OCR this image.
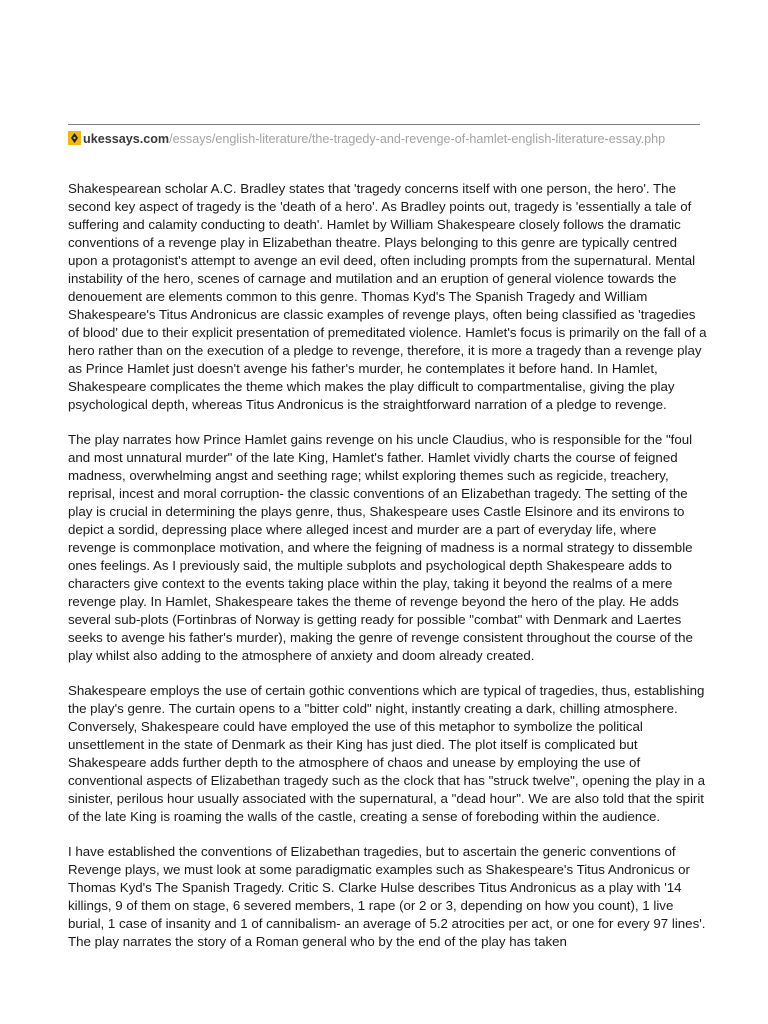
ukessays.com/essays/english-literature/the-tragedy-and-revenge-of-hamlet-english-literature-essay.php

Shakespearean scholar A.C. Bradley states that 'tragedy concerns itself with one person, the hero'. The second key aspect of tragedy is the 'death of a hero'. As Bradley points out, tragedy is 'essentially a tale of suffering and calamity conducting to death'. Hamlet by William Shakespeare closely follows the dramatic conventions of a revenge play in Elizabethan theatre. Plays belonging to this genre are typically centred upon a protagonist's attempt to avenge an evil deed, often including prompts from the supernatural. Mental instability of the hero, scenes of carnage and mutilation and an eruption of general violence towards the denouement are elements common to this genre. Thomas Kyd's The Spanish Tragedy and William Shakespeare's Titus Andronicus are classic examples of revenge plays, often being classified as 'tragedies of blood' due to their explicit presentation of premeditated violence. Hamlet's focus is primarily on the fall of a hero rather than on the execution of a pledge to revenge, therefore, it is more a tragedy than a revenge play as Prince Hamlet just doesn't avenge his father's murder, he contemplates it before hand. In Hamlet, Shakespeare complicates the theme which makes the play difficult to compartmentalise, giving the play psychological depth, whereas Titus Andronicus is the straightforward narration of a pledge to revenge.

The play narrates how Prince Hamlet gains revenge on his uncle Claudius, who is responsible for the "foul and most unnatural murder" of the late King, Hamlet's father. Hamlet vividly charts the course of feigned madness, overwhelming angst and seething rage; whilst exploring themes such as regicide, treachery, reprisal, incest and moral corruption- the classic conventions of an Elizabethan tragedy. The setting of the play is crucial in determining the plays genre, thus, Shakespeare uses Castle Elsinore and its environs to depict a sordid, depressing place where alleged incest and murder are a part of everyday life, where revenge is commonplace motivation, and where the feigning of madness is a normal strategy to dissemble ones feelings. As I previously said, the multiple subplots and psychological depth Shakespeare adds to characters give context to the events taking place within the play, taking it beyond the realms of a mere revenge play. In Hamlet, Shakespeare takes the theme of revenge beyond the hero of the play. He adds several sub-plots (Fortinbras of Norway is getting ready for possible "combat" with Denmark and Laertes seeks to avenge his father's murder), making the genre of revenge consistent throughout the course of the play whilst also adding to the atmosphere of anxiety and doom already created.

Shakespeare employs the use of certain gothic conventions which are typical of tragedies, thus, establishing the play's genre. The curtain opens to a "bitter cold" night, instantly creating a dark, chilling atmosphere. Conversely, Shakespeare could have employed the use of this metaphor to symbolize the political unsettlement in the state of Denmark as their King has just died. The plot itself is complicated but Shakespeare adds further depth to the atmosphere of chaos and unease by employing the use of conventional aspects of Elizabethan tragedy such as the clock that has "struck twelve", opening the play in a sinister, perilous hour usually associated with the supernatural, a "dead hour". We are also told that the spirit of the late King is roaming the walls of the castle, creating a sense of foreboding within the audience.

I have established the conventions of Elizabethan tragedies, but to ascertain the generic conventions of Revenge plays, we must look at some paradigmatic examples such as Shakespeare's Titus Andronicus or Thomas Kyd's The Spanish Tragedy. Critic S. Clarke Hulse describes Titus Andronicus as a play with '14 killings, 9 of them on stage, 6 severed members, 1 rape (or 2 or 3, depending on how you count), 1 live burial, 1 case of insanity and 1 of cannibalism- an average of 5.2 atrocities per act, or one for every 97 lines'. The play narrates the story of a Roman general who by the end of the play has taken
